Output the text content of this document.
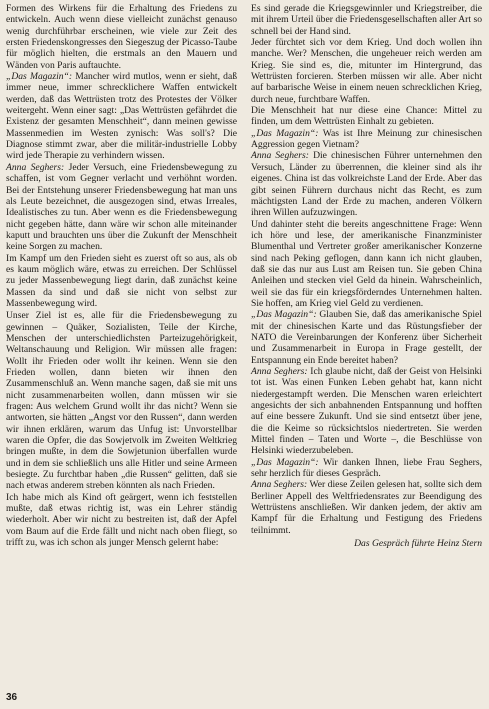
Formen des Wirkens für die Erhaltung des Friedens zu entwickeln. Auch wenn diese vielleicht zunächst genauso wenig durchführbar erscheinen, wie viele zur Zeit des ersten Friedenskongresses den Siegeszug der Picasso-Taube für möglich hielten, die erstmals an den Mauern und Wänden von Paris auftauchte.

„Das Magazin“: Mancher wird mutlos, wenn er sieht, daß immer neue, immer schrecklichere Waffen entwickelt werden, daß das Wettrüsten trotz des Protestes der Völker weitergeht. Wenn einer sagt: „Das Wettrüsten gefährdet die Existenz der gesamten Menschheit“, dann meinen gewisse Massenmedien im Westen zynisch: Was soll's? Die Diagnose stimmt zwar, aber die militär-industrielle Lobby wird jede Therapie zu verhindern wissen.

Anna Seghers: Jeder Versuch, eine Friedensbewegung zu schaffen, ist vom Gegner verlacht und verhöhnt worden. Bei der Entstehung unserer Friedensbewegung hat man uns als Leute bezeichnet, die ausgezogen sind, etwas Irreales, Idealistisches zu tun. Aber wenn es die Friedensbewegung nicht gegeben hätte, dann wäre wir schon alle miteinander kaputt und brauchten uns über die Zukunft der Menschheit keine Sorgen zu machen.

Im Kampf um den Frieden sieht es zuerst oft so aus, als ob es kaum möglich wäre, etwas zu erreichen. Der Schlüssel zu jeder Massenbewegung liegt darin, daß zunächst keine Massen da sind und daß sie nicht von selbst zur Massenbewegung wird.

Unser Ziel ist es, alle für die Friedensbewegung zu gewinnen – Quäker, Sozialisten, Teile der Kirche, Menschen der unterschiedlichsten Parteizugehörigkeit, Weltanschauung und Religion. Wir müssen alle fragen: Wollt ihr Frieden oder wollt ihr keinen. Wenn sie den Frieden wollen, dann bieten wir ihnen den Zusammenschluß an. Wenn manche sagen, daß sie mit uns nicht zusammenarbeiten wollen, dann müssen wir sie fragen: Aus welchem Grund wollt ihr das nicht? Wenn sie antworten, sie hätten „Angst vor den Russen“, dann werden wir ihnen erklären, warum das Unfug ist: Unvorstellbar waren die Opfer, die das Sowjetvolk im Zweiten Weltkrieg bringen mußte, in dem die Sowjetunion überfallen wurde und in dem sie schließlich uns alle Hitler und seine Armeen besiegte. Zu furchtbar haben „die Russen“ gelitten, daß sie nach etwas anderem streben könnten als nach Frieden.

Ich habe mich als Kind oft geärgert, wenn ich feststellen mußte, daß etwas richtig ist, was ein Lehrer ständig wiederholt. Aber wir nicht zu bestreiten ist, daß der Apfel vom Baum auf die Erde fällt und nicht nach oben fliegt, so trifft zu, was ich schon als junger Mensch gelernt habe:

Es sind gerade die Kriegsgewinnler und Kriegstreiber, die mit ihrem Urteil über die Friedensgesellschaften aller Art so schnell bei der Hand sind.

Jeder fürchtet sich vor dem Krieg. Und doch wollen ihn manche. Wer? Menschen, die ungeheuer reich werden am Krieg. Sie sind es, die, mitunter im Hintergrund, das Wettrüsten forcieren. Sterben müssen wir alle. Aber nicht auf barbarische Weise in einem neuen schrecklichen Krieg, durch neue, furchtbare Waffen.

Die Menschheit hat nur diese eine Chance: Mittel zu finden, um dem Wettrüsten Einhalt zu gebieten.

„Das Magazin“: Was ist Ihre Meinung zur chinesischen Aggression gegen Vietnam?

Anna Seghers: Die chinesischen Führer unternehmen den Versuch, Länder zu überrennen, die kleiner sind als ihr eigenes. China ist das volkreichste Land der Erde. Aber das gibt seinen Führern durchaus nicht das Recht, es zum mächtigsten Land der Erde zu machen, anderen Völkern ihren Willen aufzuzwingen.

Und dahinter steht die bereits angeschnittene Frage: Wenn ich höre und lese, der amerikanische Finanzminister Blumenthal und Vertreter großer amerikanischer Konzerne sind nach Peking geflogen, dann kann ich nicht glauben, daß sie das nur aus Lust am Reisen tun. Sie geben China Anleihen und stecken viel Geld da hinein. Wahrscheinlich, weil sie das für ein kriegsförderndes Unternehmen halten. Sie hoffen, am Krieg viel Geld zu verdienen.

„Das Magazin“: Glauben Sie, daß das amerikanische Spiel mit der chinesischen Karte und das Rüstungsfieber der NATO die Vereinbarungen der Konferenz über Sicherheit und Zusammenarbeit in Europa in Frage gestellt, der Entspannung ein Ende bereitet haben?

Anna Seghers: Ich glaube nicht, daß der Geist von Helsinki tot ist. Was einen Funken Leben gehabt hat, kann nicht niedergestampft werden. Die Menschen waren erleichtert angesichts der sich anbahnenden Entspannung und hofften auf eine bessere Zukunft. Und sie sind entsetzt über jene, die die Keime so rücksichtslos niedertreten. Sie werden Mittel finden – Taten und Worte –, die Beschlüsse von Helsinki wiederzubeleben.

„Das Magazin“: Wir danken Ihnen, liebe Frau Seghers, sehr herzlich für dieses Gespräch.

Anna Seghers: Wer diese Zeilen gelesen hat, sollte sich dem Berliner Appell des Weltfriedensrates zur Beendigung des Wettrüstens anschließen. Wir danken jedem, der aktiv am Kampf für die Erhaltung und Festigung des Friedens teilnimmt.

Das Gespräch führte Heinz Stern

36
